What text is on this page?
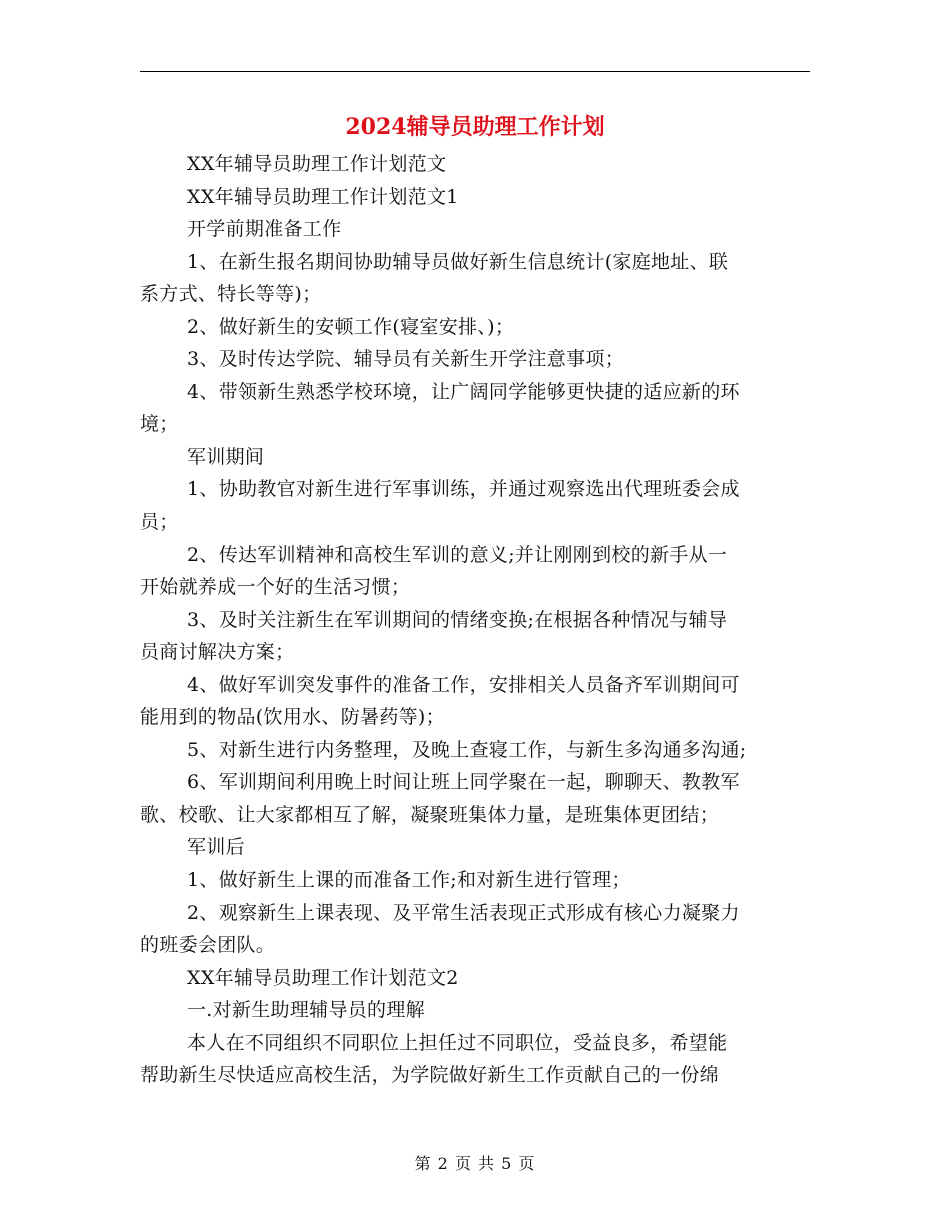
2024辅导员助理工作计划
XX年辅导员助理工作计划范文
XX年辅导员助理工作计划范文1
开学前期准备工作
1、在新生报名期间协助辅导员做好新生信息统计(家庭地址、联
系方式、特长等等)；
2、做好新生的安顿工作(寝室安排、)；
3、及时传达学院、辅导员有关新生开学注意事项；
4、带领新生熟悉学校环境，让广阔同学能够更快捷的适应新的环
境；
军训期间
1、协助教官对新生进行军事训练，并通过观察选出代理班委会成
员；
2、传达军训精神和高校生军训的意义;并让刚刚到校的新手从一
开始就养成一个好的生活习惯；
3、及时关注新生在军训期间的情绪变换;在根据各种情况与辅导
员商讨解决方案；
4、做好军训突发事件的准备工作，安排相关人员备齐军训期间可
能用到的物品(饮用水、防暑药等)；
5、对新生进行内务整理，及晚上查寝工作，与新生多沟通多沟通;
6、军训期间利用晚上时间让班上同学聚在一起，聊聊天、教教军
歌、校歌、让大家都相互了解，凝聚班集体力量，是班集体更团结；
军训后
1、做好新生上课的而准备工作;和对新生进行管理；
2、观察新生上课表现、及平常生活表现正式形成有核心力凝聚力
的班委会团队。
XX年辅导员助理工作计划范文2
一.对新生助理辅导员的理解
本人在不同组织不同职位上担任过不同职位，受益良多，希望能
帮助新生尽快适应高校生活，为学院做好新生工作贡献自己的一份绵
第 2 页 共 5 页
